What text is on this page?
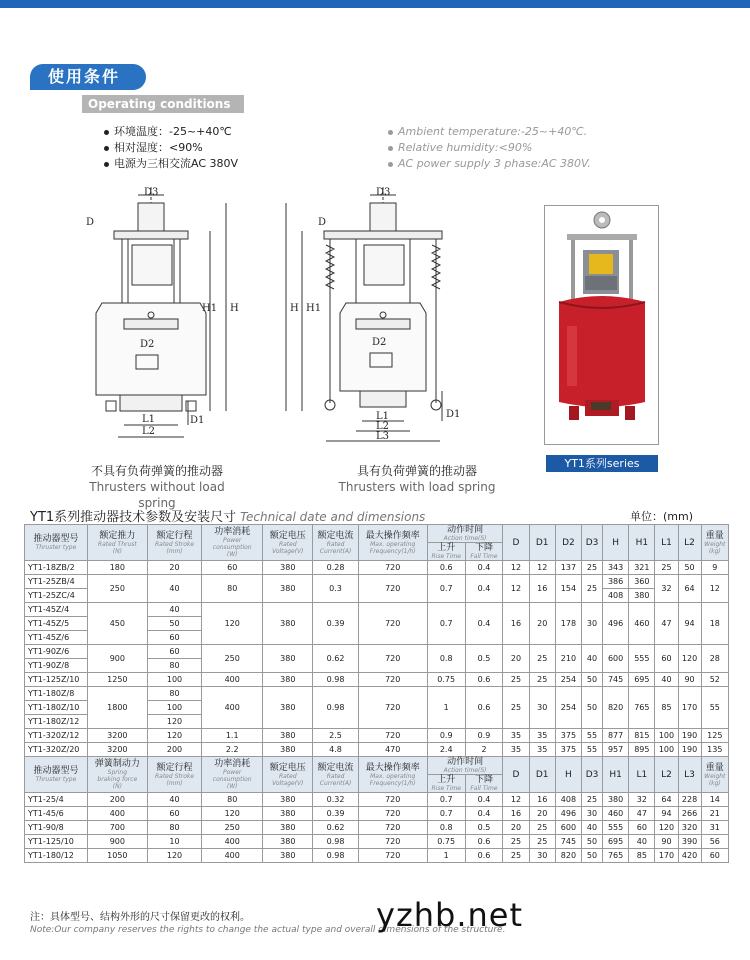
使用条件
Operating conditions
环境温度：-25~+40℃
相对湿度：<90%
电源为三相交流AC 380V
Ambient temperature:-25~+40℃.
Relative humidity:<90%
AC power supply 3 phase:AC 380V.
D3
D
D2
H1 H
L1
L2
D1
不具有负荷弹簧的推动器
Thrusters without load spring
D3
D
D2
H1
H
L1
L2
L3
D1
具有负荷弹簧的推动器
Thrusters with load spring
YT1系列series
YT1系列推动器技术参数及安装尺寸 Technical date and dimensions	单位：(mm)
推动器型号
Thruster type	额定推力
Rated Thrust
(N)	额定行程
Rated Stroke
(mm)	功率消耗
Power
consumption
(W)	额定电压
Rated
Voltage(V)	额定电流
Rated
Current(A)	最大操作频率
Max. operating
Frequency(1/h)	动作时间
Action time(S)		D	D1	D2	D3	H	H1	L1	L2	重量
Weight
(kg)

							上升
Rise Time	下降
Fall Time									

YT1-18ZB/2	180	20	60	380	0.28	720	0.6	0.4	12	12	137	25	343	321	25	50	9
YT1-25ZB/4	250	40	80	380	0.3	720	0.7	0.4	12	16	154	25	386	360	32	64	12
YT1-25ZC/4													408	380			
YT1-45Z/4	450	40	120	380	0.39	720	0.7	0.4	16	20	178	30	496	460	47	94	18
YT1-45Z/5		50															
YT1-45Z/6		60															
YT1-90Z/6	900	60	250	380	0.62	720	0.8	0.5	20	25	210	40	600	555	60	120	28
YT1-90Z/8		80															
YT1-125Z/10	1250	100	400	380	0.98	720	0.75	0.6	25	25	254	50	745	695	40	90	52
YT1-180Z/8	1800	80	400	380	0.98	720	1	0.6	25	30	254	50	820	765	85	170	55
YT1-180Z/10		100															
YT1-180Z/12		120															
YT1-320Z/12	3200	120	1.1	380	2.5	720	0.9	0.9	35	35	375	55	877	815	100	190	125
YT1-320Z/20	3200	200	2.2	380	4.8	470	2.4	2	35	35	375	55	957	895	100	190	135

推动器型号
Thruster type	弹簧制动力
Spring
braking force
(N)	额定行程
Rated Stroke
(mm)	功率消耗
Power
consumption
(W)	额定电压
Rated
Voltage(V)	额定电流
Rated
Current(A)	最大操作频率
Max. operating
Frequency(1/h)	动作时间
Action time(S)		D	D1	H	D3	H1	L1	L2	L3	重量
Weight
(kg)

							上升
Rise Time	下降
Fall Time									

YT1-25/4	200	40	80	380	0.32	720	0.7	0.4	12	16	408	25	380	32	64	228	14
YT1-45/6	400	60	120	380	0.39	720	0.7	0.4	16	20	496	30	460	47	94	266	21
YT1-90/8	700	80	250	380	0.62	720	0.8	0.5	20	25	600	40	555	60	120	320	31
YT1-125/10	900	10	400	380	0.98	720	0.75	0.6	25	25	745	50	695	40	90	390	56
YT1-180/12	1050	120	400	380	0.98	720	1	0.6	25	30	820	50	765	85	170	420	60
注：具体型号、结构外形的尺寸保留更改的权利。
Note:Our company reserves the rights to change the actual type and overall dimensions of the structure.
yzhb.net
